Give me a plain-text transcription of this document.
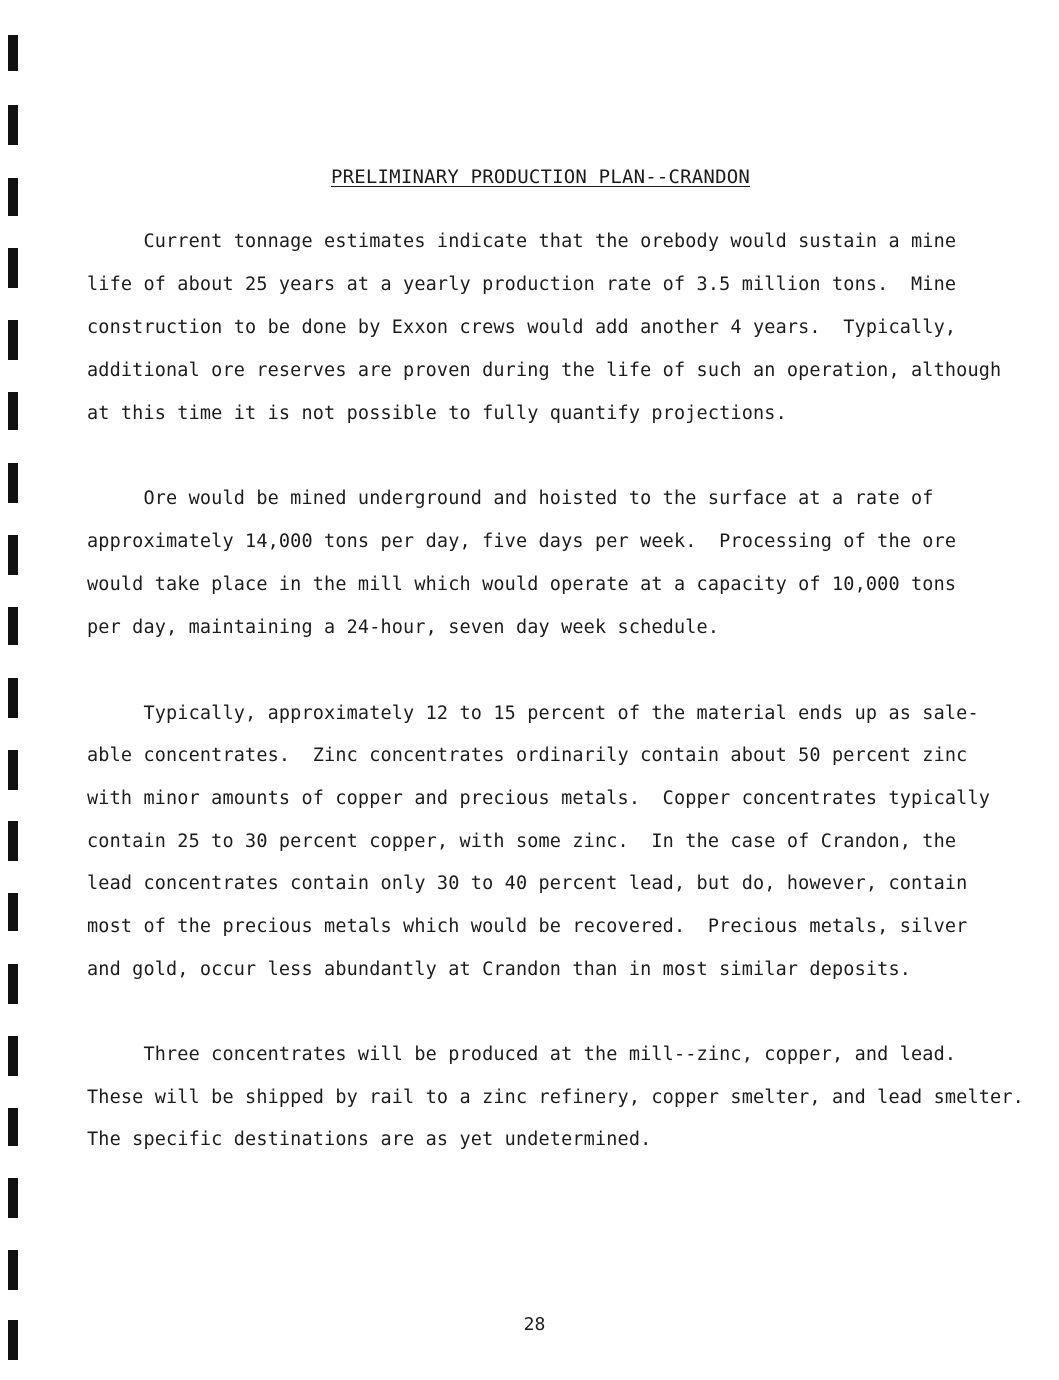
PRELIMINARY PRODUCTION PLAN--CRANDON
Current tonnage estimates indicate that the orebody would sustain a mine
life of about 25 years at a yearly production rate of 3.5 million tons.  Mine
construction to be done by Exxon crews would add another 4 years.  Typically,
additional ore reserves are proven during the life of such an operation, although
at this time it is not possible to fully quantify projections.
Ore would be mined underground and hoisted to the surface at a rate of
approximately 14,000 tons per day, five days per week.  Processing of the ore
would take place in the mill which would operate at a capacity of 10,000 tons
per day, maintaining a 24-hour, seven day week schedule.
Typically, approximately 12 to 15 percent of the material ends up as sale-
able concentrates.  Zinc concentrates ordinarily contain about 50 percent zinc
with minor amounts of copper and precious metals.  Copper concentrates typically
contain 25 to 30 percent copper, with some zinc.  In the case of Crandon, the
lead concentrates contain only 30 to 40 percent lead, but do, however, contain
most of the precious metals which would be recovered.  Precious metals, silver
and gold, occur less abundantly at Crandon than in most similar deposits.
Three concentrates will be produced at the mill--zinc, copper, and lead.
These will be shipped by rail to a zinc refinery, copper smelter, and lead smelter.
The specific destinations are as yet undetermined.
28
